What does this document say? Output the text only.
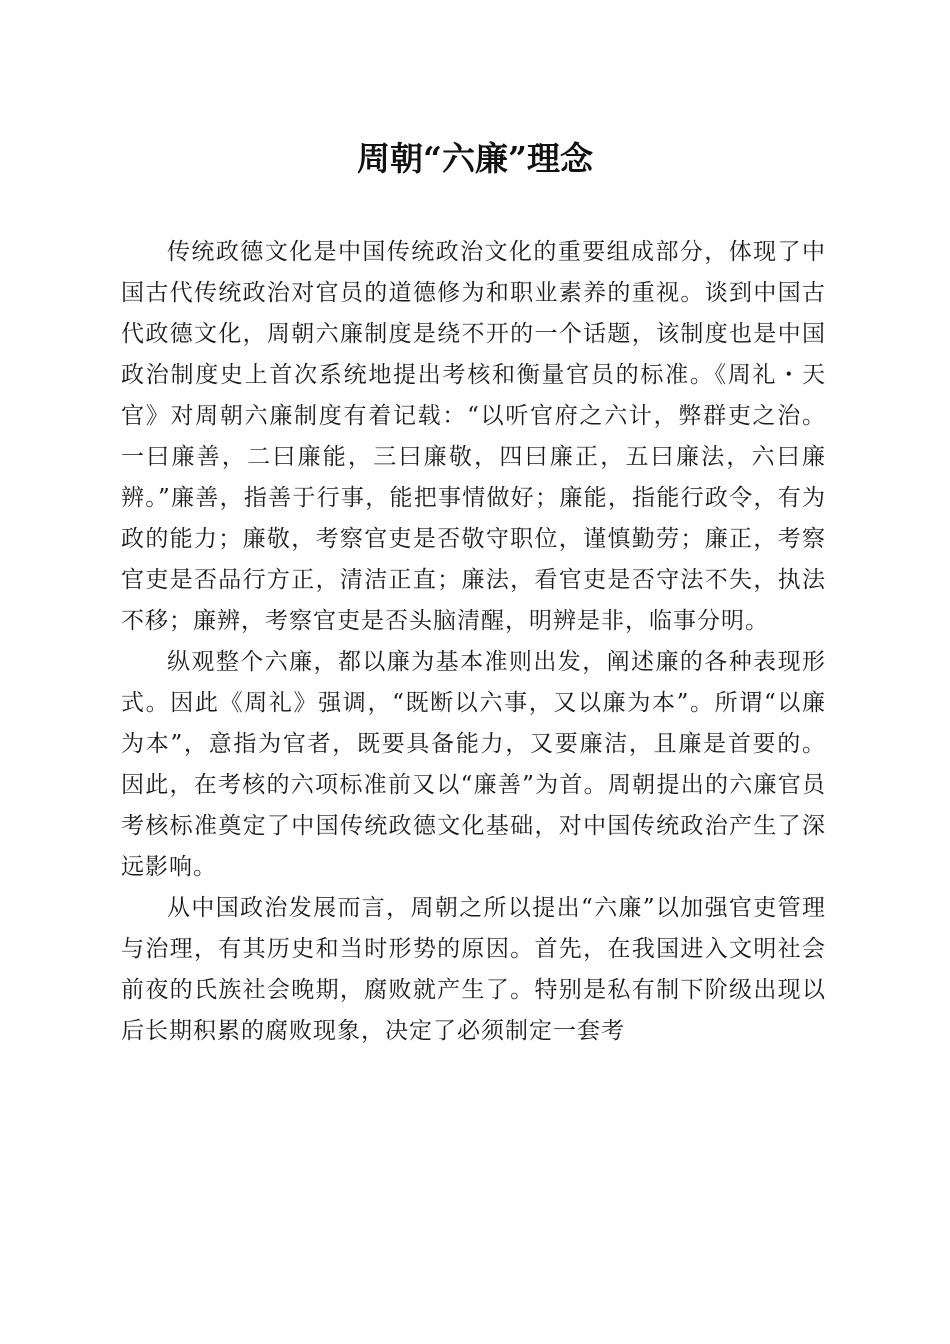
周朝“六廉”理念

传统政德文化是中国传统政治文化的重要组成部分，体现了中国古代传统政治对官员的道德修为和职业素养的重视。谈到中国古代政德文化，周朝六廉制度是绕不开的一个话题，该制度也是中国政治制度史上首次系统地提出考核和衡量官员的标准。《周礼・天官》对周朝六廉制度有着记载：“以听官府之六计，弊群吏之治。一曰廉善，二曰廉能，三曰廉敬，四曰廉正，五曰廉法，六曰廉辨。”廉善，指善于行事，能把事情做好；廉能，指能行政令，有为政的能力；廉敬，考察官吏是否敬守职位，谨慎勤劳；廉正，考察官吏是否品行方正，清洁正直；廉法，看官吏是否守法不失，执法不移；廉辨，考察官吏是否头脑清醒，明辨是非，临事分明。

纵观整个六廉，都以廉为基本准则出发，阐述廉的各种表现形式。因此《周礼》强调，“既断以六事，又以廉为本”。所谓“以廉为本”，意指为官者，既要具备能力，又要廉洁，且廉是首要的。因此，在考核的六项标准前又以“廉善”为首。周朝提出的六廉官员考核标准奠定了中国传统政德文化基础，对中国传统政治产生了深远影响。

从中国政治发展而言，周朝之所以提出“六廉”以加强官吏管理与治理，有其历史和当时形势的原因。首先，在我国进入文明社会前夜的氏族社会晚期，腐败就产生了。特别是私有制下阶级出现以后长期积累的腐败现象，决定了必须制定一套考
